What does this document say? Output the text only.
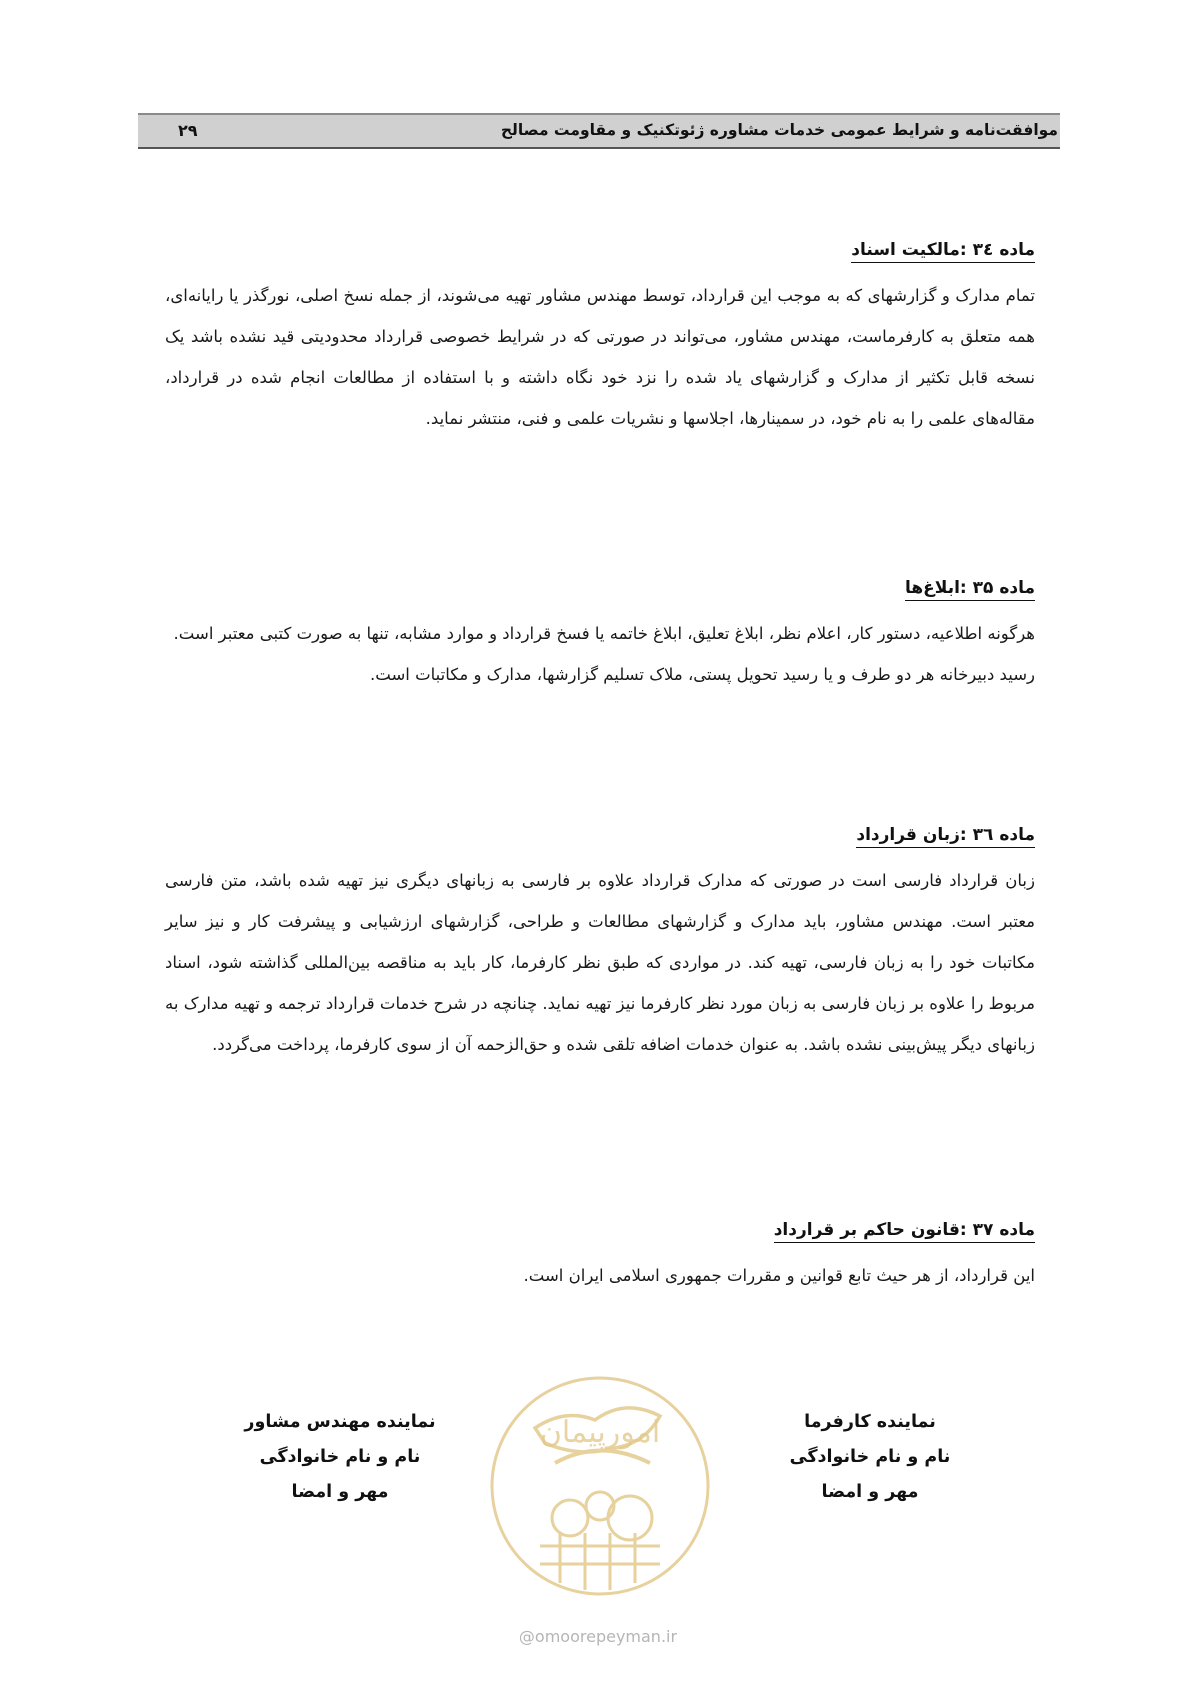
موافقت‌نامه و شرایط عمومی خدمات مشاوره ژئوتکنیک و مقاومت مصالح
۲۹
ماده ۳٤ :مالکیت اسناد

تمام مدارک و گزارشهای که به موجب این قرارداد، توسط مهندس مشاور تهیه می‌شوند، از جمله نسخ اصلی، نورگذر یا رایانه‌ای، همه متعلق به کارفرماست، مهندس مشاور، می‌تواند در صورتی که در شرایط خصوصی قرارداد محدودیتی قید نشده باشد یک نسخه قابل تکثیر از مدارک و گزارشهای یاد شده را نزد خود نگاه داشته و با استفاده از مطالعات انجام شده در قرارداد، مقاله‌های علمی را به نام خود، در سمینارها، اجلاسها و نشریات علمی و فنی، منتشر نماید.

ماده ۳۵ :ابلاغ‌ها

هرگونه اطلاعیه، دستور کار، اعلام نظر، ابلاغ تعلیق، ابلاغ خاتمه یا فسخ قرارداد و موارد مشابه، تنها به صورت کتبی معتبر است.

رسید دبیرخانه هر دو طرف و یا رسید تحویل پستی، ملاک تسلیم گزارشها، مدارک و مکاتبات است.

ماده ۳٦ :زبان قرارداد

زبان قرارداد فارسی است در صورتی که مدارک قرارداد علاوه بر فارسی به زبانهای دیگری نیز تهیه شده باشد، متن فارسی معتبر است. مهندس مشاور، باید مدارک و گزارشهای مطالعات و طراحی، گزارشهای ارزشیابی و پیشرفت کار و نیز سایر مکاتبات خود را به زبان فارسی، تهیه کند. در مواردی که طبق نظر کارفرما، کار باید به مناقصه بین‌المللی گذاشته شود، اسناد مربوط را علاوه بر زبان فارسی به زبان مورد نظر کارفرما نیز تهیه نماید. چنانچه در شرح خدمات قرارداد ترجمه و تهیه مدارک به زبانهای دیگر پیش‌بینی نشده باشد. به عنوان خدمات اضافه تلقی شده و حق‌الزحمه آن از سوی کارفرما، پرداخت می‌گردد.

ماده ۳۷ :قانون حاکم بر قرارداد

این قرارداد، از هر حیث تابع قوانین و مقررات جمهوری اسلامی ایران است.

نماینده کارفرما
نام و نام خانوادگی
مهر و امضا
نماینده مهندس مشاور
نام و نام خانوادگی
مهر و امضا
امورپیمان
@omoorepeyman.ir
